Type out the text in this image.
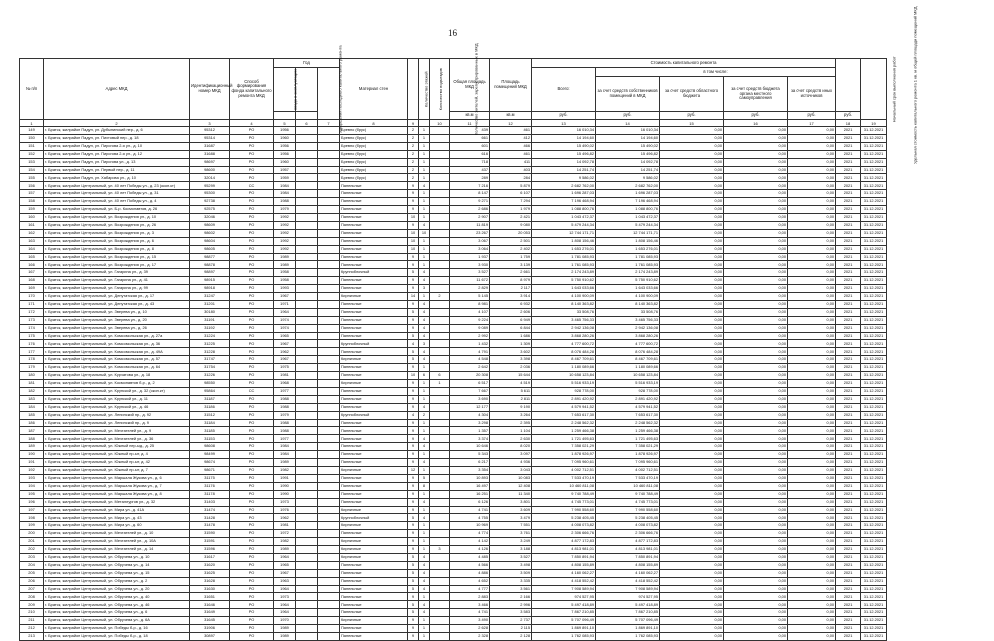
16
№ п/п	Адрес МКД	Идентификационный номер МКД	Способ формирования фонда капитального ремонта МКД	Год			Материал стен	Количество этажей	Количество подъездов	Количество жителей, зарегистрированных в МКД	Общая площадь МКД	Площадь помещений МКД	Стоимость капитального ремонта					Удельная стоимость капитального ремонта 1 кв. м общей площади помещений МКД	Начальный срок выполнения работ	
				ввода в эксплуатацию	завершения последнего капитального ремонта								Всего:	в том числе:						
														за счет средств собственников помещений в МКД	за счет средств областного бюджета	за счет средств бюджета органа местного самоуправления	за счет средств иных источников			
											кв.м	кв.м	руб.	руб.	руб.	руб.	руб.	руб.		
1	2	3	4	5	6	7	8	9		10	11	12	13	14	15	16	17	18	19	
149	г. Братск, жилрайон Падун, ул. Дубынинский пер., д. 6	95312	РО	1956			Бревно (брус)	2	1		439	461	16 010,34	16 010,34	0,00	0,00	0,00	2021	31.12.2021	
150	г. Братск, жилрайон Падун, ул. Пихтовый пер., д. 18	95314	РО	1960			Бревно (брус)	2	1		661	412	14 194,60	14 194,60	0,00	0,00	0,00	2021	31.12.2021	
151	г. Братск, жилрайон Падун, ул. Пирогова 2-я ул., д. 10	31687	РО	1956			Бревно (брус)	2	1		601	466	15 490,02	15 490,02	0,00	0,00	0,00	2021	31.12.2021	
152	г. Братск, жилрайон Падун, ул. Пирогова 2-я ул., д. 12	31688	РО	1956			Бревно (брус)	2	1		616	461	15 496,82	15 496,82	0,00	0,00	0,00	2021	31.12.2021	
153	г. Братск, жилрайон Падун, ул. Пирогова ул., д. 13	98697	РО	1960			Бревно (брус)	2	1		718	411	14 092,78	14 092,78	0,00	0,00	0,00	2021	31.12.2021	
154	г. Братск, жилрайон Падун, ул. Первый пер., д. 11	98600	РО	1957			Бревно (брус)	2	1		437	403	14 251,74	14 251,74	0,00	0,00	0,00	2021	31.12.2021	
155	г. Братск, жилрайон Падун, ул. Хабарова ул., д. 10	32014	РО	1959			Бревно (брус)	2	1		289	284	9 586,02	9 586,02	0,00	0,00	0,00	2021	31.12.2021	
156	г. Братск, жилрайон Центральный, ул. 40 лет Победы ул., д. 23 (окон.кт)	95299	СС	1984			Панельные	9	4		7 216	5 879	2 682 762,00	2 682 762,00	0,00	0,00	0,00	2021	31.12.2021	
157	г. Братск, жилрайон Центральный, ул. 40 лет Победы ул., д. 31	95300	РО	1984			Панельные	9	1		8 147	6 107	1 696 287,03	1 696 287,03	0,00	0,00	0,00	2021	31.12.2021	
158	г. Братск, жилрайон Центральный, ул. 40 лет Победы ул., д. 4	92738	РО	1988			Панельные	9	1		9 271	7 294	7 196 468,94	7 196 468,94	0,00	0,00	0,00	2021	31.12.2021	
159	г. Братск, жилрайон Центральный, ул. Б-р. Космонавтов, д. 26	92575	РО	1979			Панельные	9	1		2 686	1 979	1 088 800,76	1 088 800,76	0,00	0,00	0,00	2021	31.12.2021	
160	г. Братск, жилрайон Центральный, ул. Возрождения ул., д. 10	32046	РО	1992			Панельные	10	1		2 907	2 421	1 043 472,37	1 043 472,37	0,00	0,00	0,00	2021	31.12.2021	
161	г. Братск, жилрайон Центральный, ул. Возрождения ул., д. 26	98609	РО	1992			Панельные	9	4		11 819	9 080	5 479 244,34	5 479 244,34	0,00	0,00	0,00	2021	31.12.2021	
162	г. Братск, жилрайон Центральный, ул. Возрождения ул., д. 3	98602	РО	1992			Панельные	10	10		23 267	20 053	12 744 171,71	12 744 171,71	0,00	0,00	0,00	2021	31.12.2021	
163	г. Братск, жилрайон Центральный, ул. Возрождения ул., д. 6	98604	РО	1992			Панельные	10	1		3 067	2 501	1 808 156,46	1 808 156,46	0,00	0,00	0,00	2021	31.12.2021	
164	г. Братск, жилрайон Центральный, ул. Возрождения ул., д. 8	98605	РО	1992			Панельные	10	1		3 064	2 402	1 653 276,01	1 653 276,01	0,00	0,00	0,00	2021	31.12.2021	
165	г. Братск, жилрайон Центральный, ул. Возрождения ул., д. 15	98877	РО	1989			Панельные	9	1		1 937	1 759	1 781 085,93	1 781 085,93	0,00	0,00	0,00	2021	31.12.2021	
166	г. Братск, жилрайон Центральный, ул. Возрождения ул., д. 17	98878	РО	1989			Панельные	9	1		3 930	3 139	1 761 085,93	1 761 085,93	0,00	0,00	0,00	2021	31.12.2021	
167	г. Братск, жилрайон Центральный, ул. Гагарина ул., д. 39	98897	РО	1958			Крупноблочный	5	4		3 527	2 661	2 174 243,89	2 174 243,89	0,00	0,00	0,00	2021	31.12.2021	
168	г. Братск, жилрайон Центральный, ул. Гагарина ул., д. 41	98915	РО	1958			Панельные	9	4		11 672	8 979	5 750 910,62	5 750 910,62	0,00	0,00	0,00	2021	31.12.2021	
169	г. Братск, жилрайон Центральный, ул. Гагарина ул., д. 99	98918	РО	1993			Панельные	9	3		2 829	2 117	1 643 033,66	1 643 033,66	0,00	0,00	0,00	2021	31.12.2021	
170	г. Братск, жилрайон Центральный, ул. Депутатская ул., д. 17	31247	РО	1967			Кирпичные	14	1	2	5 145	3 914	4 100 900,09	4 100 900,09	0,00	0,00	0,00	2021	31.12.2021	
171	г. Братск, жилрайон Центральный, ул. Депутатская ул., д. 43	31201	РО	1971			Панельные	9	4		8 981	6 932	8 140 363,82	8 140 363,82	0,00	0,00	0,00	2021	31.12.2021	
172	г. Братск, жилрайон Центральный, ул. Зверева ул., д. 10	30180	РО	1964			Панельные	5	4		4 107	2 606	33 508,76	33 508,76	0,00	0,00	0,00	2021	31.12.2021	
173	г. Братск, жилрайон Центральный, ул. Зверева ул., д. 20	31191	РО	1974			Панельные	9	4		9 224	6 949	3 465 756,33	3 465 756,33	0,00	0,00	0,00	2021	31.12.2021	
174	г. Братск, жилрайон Центральный, ул. Зверева ул., д. 26	31192	РО	1974			Панельные	9	4		9 089	6 844	2 942 136,08	2 942 136,08	0,00	0,00	0,00	2021	31.12.2021	
175	г. Братск, жилрайон Центральный, ул. Комсомольская ул., д. 27а	31224	РО	1965			Панельные	5	4		2 992	1 686	3 868 280,26	3 868 280,26	0,00	0,00	0,00	2021	31.12.2021	
176	г. Братск, жилрайон Центральный, ул. Комсомольская ул., д. 36	31225	РО	1967			Крупноблочный	4	3		1 432	1 309	4 777 600,72	4 777 600,72	0,00	0,00	0,00	2021	31.12.2021	
177	г. Братск, жилрайон Центральный, ул. Комсомольская ул., д. 49А	31228	РО	1962			Панельные	5	4		4 791	3 602	8 076 484,28	8 076 484,28	0,00	0,00	0,00	2021	31.12.2021	
178	г. Братск, жилрайон Центральный, ул. Комсомольская ул., д. 57	31747	РО	1967			Кирпичные	5	4		4 548	3 398	8 467 709,61	8 467 709,61	0,00	0,00	0,00	2021	31.12.2021	
179	г. Братск, жилрайон Центральный, ул. Комсомольская ул., д. 64	31754	РО	1975			Панельные	9	1		2 642	2 036	1 180 089,66	1 180 089,66	0,00	0,00	0,00	2021	31.12.2021	
180	г. Братск, жилрайон Центральный, ул. Курчатова ул., д. 18	31226	РО	1981			Панельные	10	6	6	20 308	15 644	10 658 123,84	10 658 123,84	0,00	0,00	0,00	2021	31.12.2021	
181	г. Братск, жилрайон Центральный, ул. Космонавтов б-р., д. 2	98550	РО	1968			Кирпичные	9	1	1	6 517	4 519	5 516 933,19	5 516 933,19	0,00	0,00	0,00	2021	31.12.2021	
182	г. Братск, жилрайон Центральный, ул. Крупской ул., д. 32 (окон.кт)	95864	СС	1977			Панельные	9	1		7 667	5 611	928 778,00	928 778,00	0,00	0,00	0,00	2021	31.12.2021	
183	г. Братск, жилрайон Центральный, ул. Крупской ул., д. 11	31187	РО	1988			Панельные	9	1		3 690	2 811	2 891 420,92	2 891 420,92	0,00	0,00	0,00	2021	31.12.2021	
184	г. Братск, жилрайон Центральный, ул. Крупской ул., д. 46	31186	РО	1988			Панельные	9	4		12 177	9 190	4 579 941,52	4 579 941,52	0,00	0,00	0,00	2021	31.12.2021	
185	г. Братск, жилрайон Центральный, ул. Ленинский пр., д. 92	31512	РО	1979			Крупноблочный	4	2		4 304	3 264	7 653 617,30	7 653 617,30	0,00	0,00	0,00	2021	31.12.2021	
186	г. Братск, жилрайон Центральный, ул. Ленинский пр., д. 9	31184	РО	1988			Панельные	9	1		3 298	2 395	2 248 562,32	2 248 562,32	0,00	0,00	0,00	2021	31.12.2021	
187	г. Братск, жилрайон Центральный, ул. Мечтателей ул., д. 9	31185	РО	1988			Панельные	9	1		1 357	1 104	1 259 466,38	1 259 466,38	0,00	0,00	0,00	2021	31.12.2021	
188	г. Братск, жилрайон Центральный, ул. Мечтателей ул., д. 36	31153	РО	1977			Панельные	9	4		3 374	2 630	1 721 495,63	1 721 495,63	0,00	0,00	0,00	2021	31.12.2021	
189	г. Братск, жилрайон Центральный, ул. Южный пер-ыд., д. 25	98608	РО	1984			Панельные	9	4		10 646	8 020	7 358 021,29	7 358 021,29	0,00	0,00	0,00	2021	31.12.2021	
190	г. Братск, жилрайон Центральный, ул. Южный пр-ыт, д. 4	98499	РО	1984			Панельные	9	1		5 343	3 097	1 878 926,97	1 878 926,97	0,00	0,00	0,00	2021	31.12.2021	
191	г. Братск, жилрайон Центральный, ул. Южный пр-ыт, д. 42	98674	РО	1989			Панельные	9	4		6 217	4 936	7 095 960,61	7 095 960,61	0,00	0,00	0,00	2021	31.12.2021	
192	г. Братск, жилрайон Центральный, ул. Южный пр-ыт, д. 7	98671	РО	1982			Кирпичные	12	1		3 354	3 043	4 002 712,51	4 002 712,51	0,00	0,00	0,00	2021	31.12.2021	
193	г. Братск, жилрайон Центральный, ул. Маршала Жукова ул., д. 6	31175	РО	1991			Панельные	9	5		10 893	10 083	7 533 470,19	7 533 470,19	0,00	0,00	0,00	2021	31.12.2021	
194	г. Братск, жилрайон Центральный, ул. Маршала Жукова ул., д. 7	31176	РО	1990			Панельные	9	8		16 497	12 408	10 460 811,08	10 460 811,08	0,00	0,00	0,00	2021	31.12.2021	
195	г. Братск, жилрайон Центральный, ул. Маршала Жукова ул., д. 8	31178	РО	1990			Панельные	9	1		16 251	11 340	9 740 788,49	9 740 788,49	0,00	0,00	0,00	2021	31.12.2021	
196	г. Братск, жилрайон Центральный, ул. Металлургов ул., д. 32	31403	РО	1973			Панельные	9	4		6 126	3 801	4 745 773,01	4 745 773,01	0,00	0,00	0,00	2021	31.12.2021	
197	г. Братск, жилрайон Центральный, ул. Мира ул., д. 41А	31474	РО	1976			Кирпичные	9	1		4 741	3 609	7 990 558,60	7 990 558,60	0,00	0,00	0,00	2021	31.12.2021	
198	г. Братск, жилрайон Центральный, ул. Мира ул., д. 43	31428	РО	1962			Крупноблочный	5	4		4 755	3 479	5 238 405,45	5 238 405,45	0,00	0,00	0,00	2021	31.12.2021	
199	г. Братск, жилрайон Центральный, ул. Мира ул., д. 60	31478	РО	1981			Кирпичные	9	1		10 969	7 551	4 008 073,82	4 008 073,82	0,00	0,00	0,00	2021	31.12.2021	
200	г. Братск, жилрайон Центральный, ул. Мечтателей ул., д. 10	31590	РО	1972			Панельные	9	1		4 774	3 761	2 306 666,76	2 306 666,76	0,00	0,00	0,00	2021	31.12.2021	
201	г. Братск, жилрайон Центральный, ул. Мечтателей ул., д. 10А	31591	РО	1982			Кирпичные	9	1		4 142	3 249	4 877 172,83	4 877 172,83	0,00	0,00	0,00	2021	31.12.2021	
202	г. Братск, жилрайон Центральный, ул. Мечтателей ул., д. 14	31596	РО	1989			Кирпичные	9	1	3	4 126	3 188	4 813 981,01	4 813 981,01	0,00	0,00	0,00	2021	31.12.2021	
203	г. Братск, жилрайон Центральный, ул. Обручева ул., д. 10	31617	РО	1964			Кирпичные	5	4		4 485	3 527	7 850 891,94	7 850 891,94	0,00	0,00	0,00	2021	31.12.2021	
204	г. Братск, жилрайон Центральный, ул. Обручева ул., д. 14	31620	РО	1965			Панельные	5	4		4 566	3 498	4 808 155,89	4 808 155,89	0,00	0,00	0,00	2021	31.12.2021	
205	г. Братск, жилрайон Центральный, ул. Обручева ул., д. 15	31625	РО	1967			Панельные	5	4		4 886	3 509	4 160 062,27	4 160 062,27	0,00	0,00	0,00	2021	31.12.2021	
206	г. Братск, жилрайон Центральный, ул. Обручева ул., д. 2	31628	РО	1963			Панельные	5	4		4 652	3 335	4 418 552,42	4 418 552,42	0,00	0,00	0,00	2021	31.12.2021	
207	г. Братск, жилрайон Центральный, ул. Обручева ул., д. 20	31630	РО	1964			Панельные	5	4		4 777	3 561	7 908 589,94	7 908 589,94	0,00	0,00	0,00	2021	31.12.2021	
208	г. Братск, жилрайон Центральный, ул. Обручева ул., д. 40	31651	РО	1973			Панельные	9	1		2 883	2 166	974 527,95	974 527,95	0,00	0,00	0,00	2021	31.12.2021	
209	г. Братск, жилрайон Центральный, ул. Обручева ул., д. 46	31646	РО	1964			Панельные	5	4		3 466	2 996	5 497 418,89	5 497 418,89	0,00	0,00	0,00	2021	31.12.2021	
210	г. Братск, жилрайон Центральный, ул. Обручева ул., д. 6	31649	РО	1964			Панельные	5	4		4 741	3 583	7 867 210,85	7 867 210,85	0,00	0,00	0,00	2021	31.12.2021	
211	г. Братск, жилрайон Центральный, ул. Обручева ул., д. 6А	31645	РО	1970			Кирпичные	9	1		3 490	2 737	5 707 096,49	5 707 096,49	0,00	0,00	0,00	2021	31.12.2021	
212	г. Братск, жилрайон Центральный, ул. Победы б-р., д. 16	31906	РО	1989			Панельные	9	1		2 628	2 115	1 869 891,10	1 869 891,10	0,00	0,00	0,00	2021	31.12.2021	
213	г. Братск, жилрайон Центральный, ул. Победы б-р., д. 18	30897	РО	1989			Панельные	9	1		2 328	2 128	1 762 085,93	1 762 085,93	0,00	0,00	0,00	2021	31.12.2021	
